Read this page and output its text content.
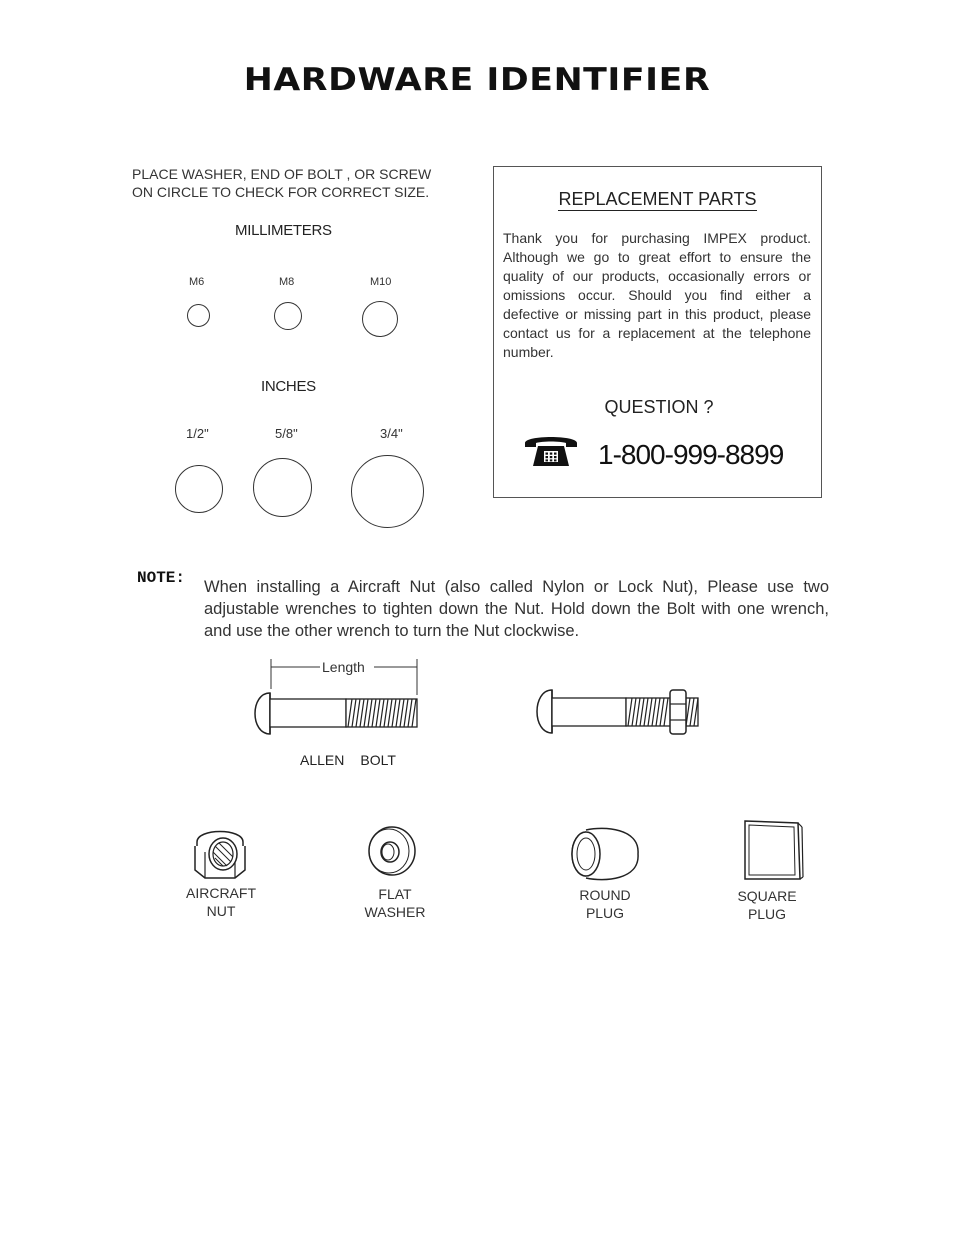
HARDWARE IDENTIFIER
PLACE WASHER, END OF BOLT , OR SCREW
ON CIRCLE TO CHECK FOR CORRECT SIZE.
MILLIMETERS
M6	M8	M10
INCHES
1/2"	5/8"	3/4"
REPLACEMENT PARTS
Thank you for purchasing IMPEX product. Although we go to great effort to ensure the quality of our products, occasionally errors or omissions occur. Should you find either a defective or missing part in this product, please contact us for a replacement at the telephone number.
QUESTION ?
1-800-999-8899
NOTE: When installing a Aircraft Nut (also called Nylon or Lock Nut), Please use two adjustable wrenches to tighten down the Nut. Hold down the Bolt with one wrench, and use the other wrench to turn the Nut clockwise.
Length
ALLEN BOLT
AIRCRAFT
NUT
FLAT
WASHER
ROUND
PLUG
SQUARE
PLUG
